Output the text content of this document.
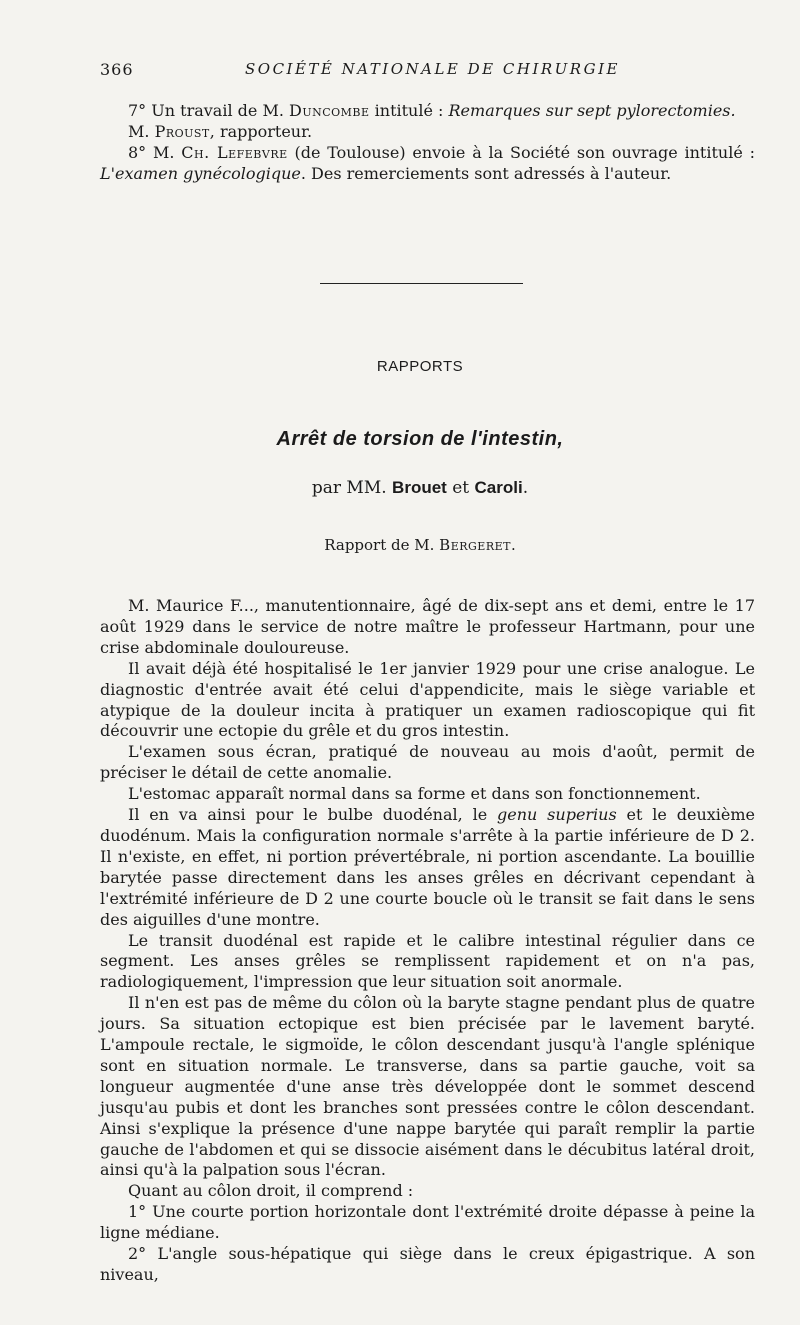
366	SOCIÉTÉ NATIONALE DE CHIRURGIE

7° Un travail de M. Duncombe intitulé : Remarques sur sept pylorectomies.

M. Proust, rapporteur.

8° M. Ch. Lefebvre (de Toulouse) envoie à la Société son ouvrage intitulé : L'examen gynécologique. Des remerciements sont adressés à l'auteur.

RAPPORTS
Arrêt de torsion de l'intestin,
par MM. Brouet et Caroli.
Rapport de M. Bergeret.

M. Maurice F..., manutentionnaire, âgé de dix-sept ans et demi, entre le 17 août 1929 dans le service de notre maître le professeur Hartmann, pour une crise abdominale douloureuse.

Il avait déjà été hospitalisé le 1er janvier 1929 pour une crise analogue. Le diagnostic d'entrée avait été celui d'appendicite, mais le siège variable et atypique de la douleur incita à pratiquer un examen radioscopique qui fit découvrir une ectopie du grêle et du gros intestin.

L'examen sous écran, pratiqué de nouveau au mois d'août, permit de préciser le détail de cette anomalie.

L'estomac apparaît normal dans sa forme et dans son fonctionnement.

Il en va ainsi pour le bulbe duodénal, le genu superius et le deuxième duodénum. Mais la configuration normale s'arrête à la partie inférieure de D 2. Il n'existe, en effet, ni portion prévertébrale, ni portion ascendante. La bouillie barytée passe directement dans les anses grêles en décrivant cependant à l'extrémité inférieure de D 2 une courte boucle où le transit se fait dans le sens des aiguilles d'une montre.

Le transit duodénal est rapide et le calibre intestinal régulier dans ce segment. Les anses grêles se remplissent rapidement et on n'a pas, radiologiquement, l'impression que leur situation soit anormale.

Il n'en est pas de même du côlon où la baryte stagne pendant plus de quatre jours. Sa situation ectopique est bien précisée par le lavement baryté. L'ampoule rectale, le sigmoïde, le côlon descendant jusqu'à l'angle splénique sont en situation normale. Le transverse, dans sa partie gauche, voit sa longueur augmentée d'une anse très développée dont le sommet descend jusqu'au pubis et dont les branches sont pressées contre le côlon descendant. Ainsi s'explique la présence d'une nappe barytée qui paraît remplir la partie gauche de l'abdomen et qui se dissocie aisément dans le décubitus latéral droit, ainsi qu'à la palpation sous l'écran.

Quant au côlon droit, il comprend :

1° Une courte portion horizontale dont l'extrémité droite dépasse à peine la ligne médiane.

2° L'angle sous-hépatique qui siège dans le creux épigastrique. A son niveau,
